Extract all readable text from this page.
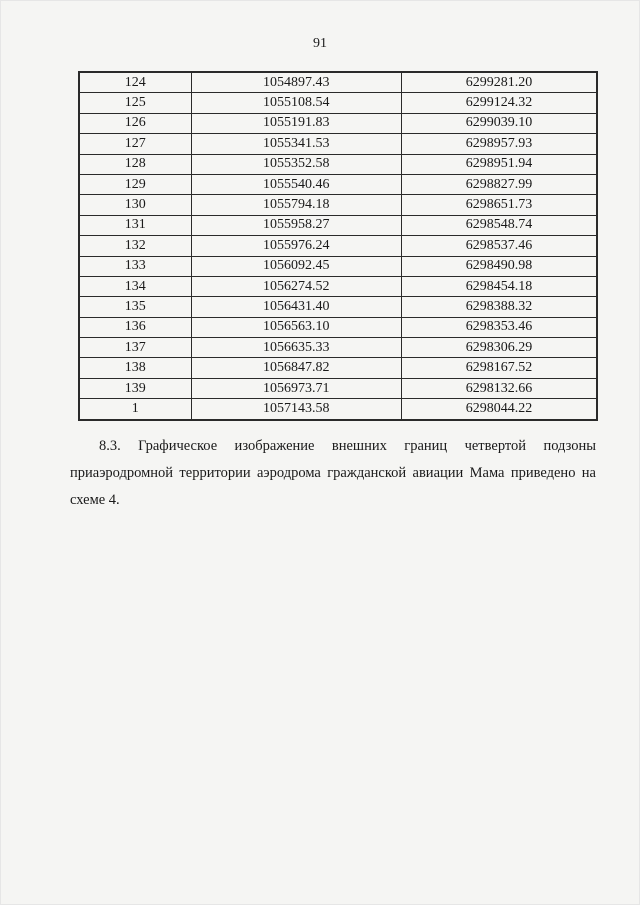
91
124	1054897.43	6299281.20
125	1055108.54	6299124.32
126	1055191.83	6299039.10
127	1055341.53	6298957.93
128	1055352.58	6298951.94
129	1055540.46	6298827.99
130	1055794.18	6298651.73
131	1055958.27	6298548.74
132	1055976.24	6298537.46
133	1056092.45	6298490.98
134	1056274.52	6298454.18
135	1056431.40	6298388.32
136	1056563.10	6298353.46
137	1056635.33	6298306.29
138	1056847.82	6298167.52
139	1056973.71	6298132.66
1	1057143.58	6298044.22
8.3. Графическое изображение внешних границ четвертой подзоны
приаэродромной территории аэродрома гражданской авиации Мама приведено на
схеме 4.
